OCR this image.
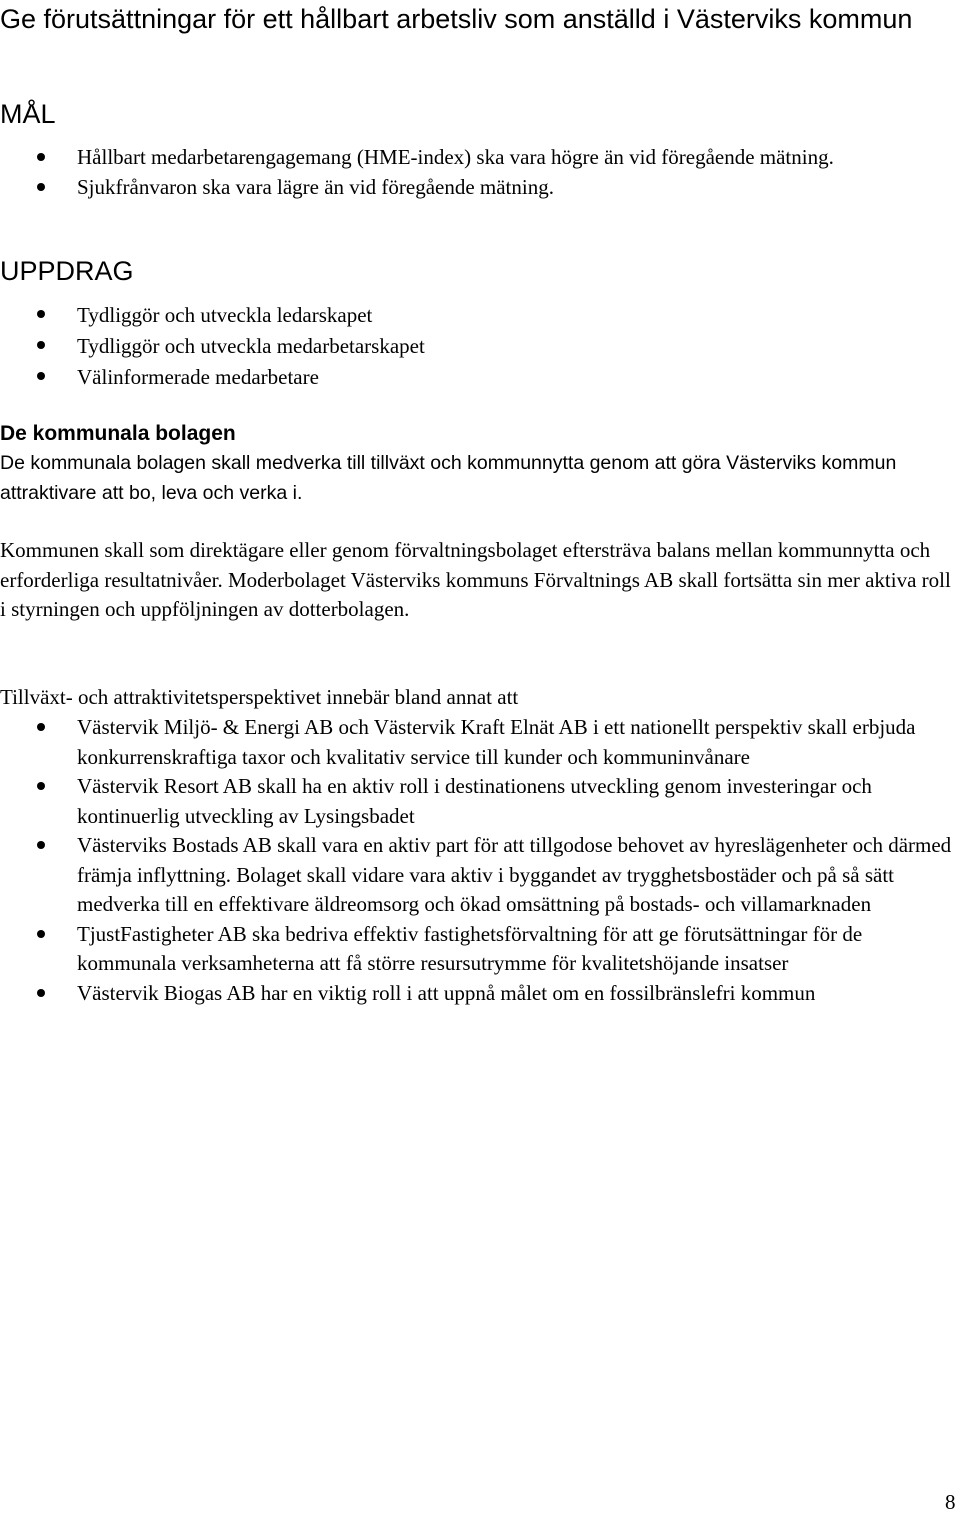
Ge förutsättningar för ett hållbart arbetsliv som anställd i Västerviks kommun
MÅL
Hållbart medarbetarengagemang (HME-index) ska vara högre än vid föregående mätning.
Sjukfrånvaron ska vara lägre än vid föregående mätning.
UPPDRAG
Tydliggör och utveckla ledarskapet
Tydliggör och utveckla medarbetarskapet
Välinformerade medarbetare
De kommunala bolagen

De kommunala bolagen skall medverka till tillväxt och kommunnytta genom att göra Västerviks kommun attraktivare att bo, leva och verka i.

Kommunen skall som direktägare eller genom förvaltningsbolaget eftersträva balans mellan kommunnytta och erforderliga resultatnivåer. Moderbolaget Västerviks kommuns Förvaltnings AB skall fortsätta sin mer aktiva roll i styrningen och uppföljningen av dotterbolagen.

Tillväxt- och attraktivitetsperspektivet innebär bland annat att

Västervik Miljö- & Energi AB och Västervik Kraft Elnät AB i ett nationellt perspektiv skall erbjuda konkurrenskraftiga taxor och kvalitativ service till kunder och kommuninvånare
Västervik Resort AB skall ha en aktiv roll i destinationens utveckling genom investeringar och kontinuerlig utveckling av Lysingsbadet
Västerviks Bostads AB skall vara en aktiv part för att tillgodose behovet av hyreslägenheter och därmed främja inflyttning. Bolaget skall vidare vara aktiv i byggandet av trygghetsbostäder och på så sätt medverka till en effektivare äldreomsorg och ökad omsättning på bostads- och villamarknaden
TjustFastigheter AB ska bedriva effektiv fastighetsförvaltning för att ge förutsättningar för de kommunala verksamheterna att få större resursutrymme för kvalitetshöjande insatser
Västervik Biogas AB har en viktig roll i att uppnå målet om en fossilbränslefri kommun
8
